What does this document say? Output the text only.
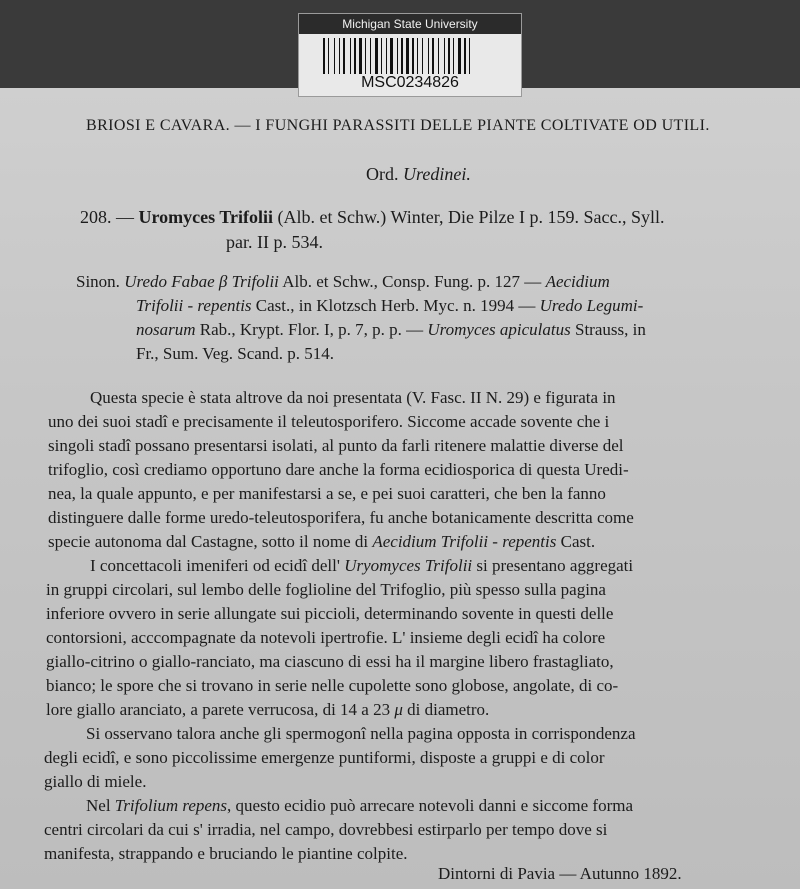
Michigan State University
MSC0234826
BRIOSI E CAVARA. — I FUNGHI PARASSITI DELLE PIANTE COLTIVATE OD UTILI.
Ord. Uredinei.
208. — Uromyces Trifolii (Alb. et Schw.) Winter, Die Pilze I p. 159. Sacc., Syll.
par. II p. 534.
Sinon. Uredo Fabae β Trifolii Alb. et Schw., Consp. Fung. p. 127 — Aecidium
Trifolii - repentis Cast., in Klotzsch Herb. Myc. n. 1994 — Uredo Legumi-
nosarum Rab., Krypt. Flor. I, p. 7, p. p. — Uromyces apiculatus Strauss, in
Fr., Sum. Veg. Scand. p. 514.
Questa specie è stata altrove da noi presentata (V. Fasc. II N. 29) e figurata in
uno dei suoi stadî e precisamente il teleutosporifero. Siccome accade sovente che i
singoli stadî possano presentarsi isolati, al punto da farli ritenere malattie diverse del
trifoglio, così crediamo opportuno dare anche la forma ecidiosporica di questa Uredi-
nea, la quale appunto, e per manifestarsi a se, e pei suoi caratteri, che ben la fanno
distinguere dalle forme uredo-teleutosporifera, fu anche botanicamente descritta come
specie autonoma dal Castagne, sotto il nome di Aecidium Trifolii - repentis Cast.
I concettacoli imeniferi od ecidî dell' Uryomyces Trifolii si presentano aggregati
in gruppi circolari, sul lembo delle foglioline del Trifoglio, più spesso sulla pagina
inferiore ovvero in serie allungate sui piccioli, determinando sovente in questi delle
contorsioni, acccompagnate da notevoli ipertrofie. L' insieme degli ecidî ha colore
giallo-citrino o giallo-ranciato, ma ciascuno di essi ha il margine libero frastagliato,
bianco; le spore che si trovano in serie nelle cupolette sono globose, angolate, di co-
lore giallo aranciato, a parete verrucosa, di 14 a 23 μ di diametro.
Si osservano talora anche gli spermogonî nella pagina opposta in corrispondenza
degli ecidî, e sono piccolissime emergenze puntiformi, disposte a gruppi e di color
giallo di miele.
Nel Trifolium repens, questo ecidio può arrecare notevoli danni e siccome forma
centri circolari da cui s' irradia, nel campo, dovrebbesi estirparlo per tempo dove si
manifesta, strappando e bruciando le piantine colpite.
Dintorni di Pavia — Autunno 1892.
